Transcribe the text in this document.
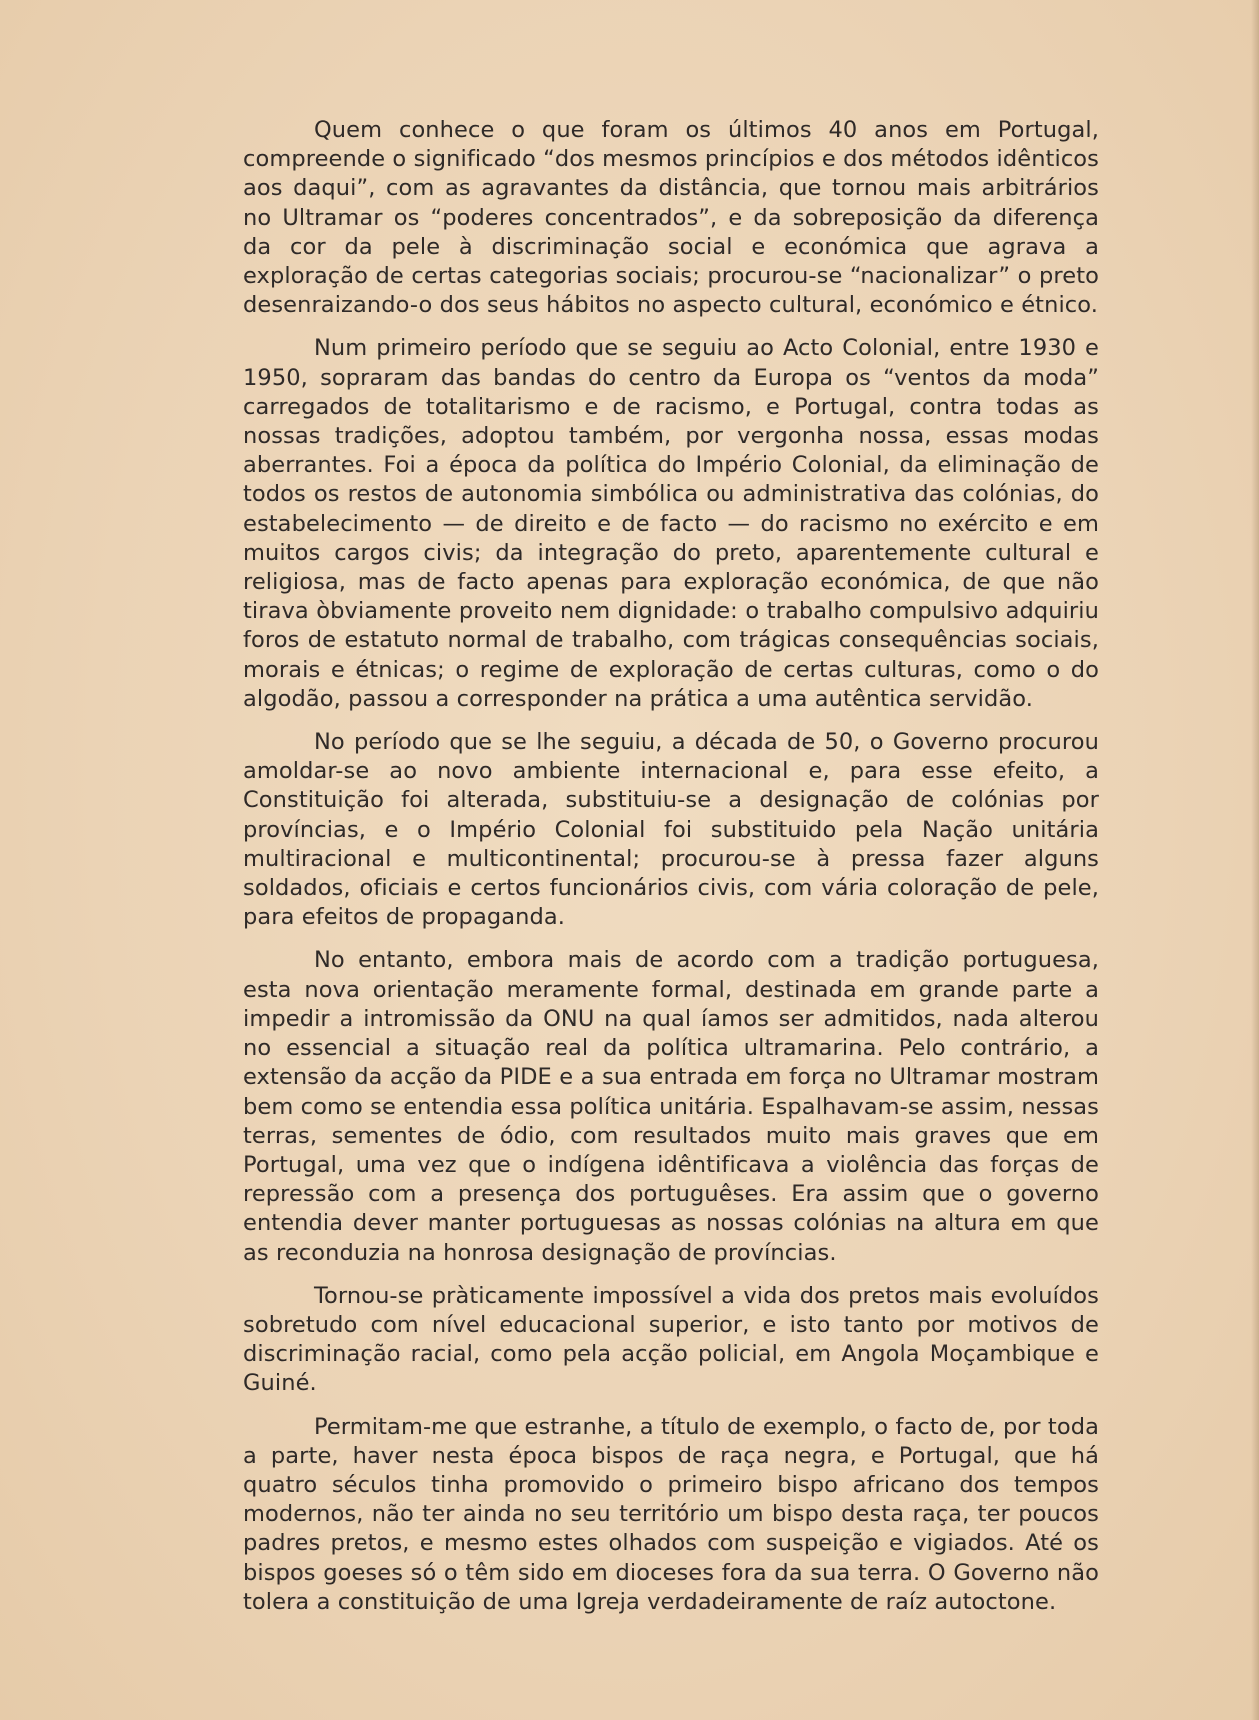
Quem conhece o que foram os últimos 40 anos em Portugal, compreende o significado “dos mesmos princípios e dos métodos idênticos aos daqui”, com as agravantes da distância, que tornou mais arbitrários no Ultramar os “poderes concentrados”, e da sobreposição da diferença da cor da pele à discriminação social e económica que agrava a exploração de certas categorias sociais; procurou-se “nacionalizar” o preto desenraizando-o dos seus hábitos no aspecto cultural, económico e étnico.

Num primeiro período que se seguiu ao Acto Colonial, entre 1930 e 1950, sopraram das bandas do centro da Europa os “ventos da moda” carregados de totalitarismo e de racismo, e Portugal, contra todas as nossas tradições, adoptou também, por vergonha nossa, essas modas aberrantes. Foi a época da política do Império Colonial, da eliminação de todos os restos de autonomia simbólica ou administrativa das colónias, do estabelecimento — de direito e de facto — do racismo no exército e em muitos cargos civis; da integração do preto, aparentemente cultural e religiosa, mas de facto apenas para exploração económica, de que não tirava òbviamente proveito nem dignidade: o trabalho compulsivo adquiriu foros de estatuto normal de trabalho, com trágicas consequências sociais, morais e étnicas; o regime de exploração de certas culturas, como o do algodão, passou a corresponder na prática a uma autêntica servidão.

No período que se lhe seguiu, a década de 50, o Governo procurou amoldar-se ao novo ambiente internacional e, para esse efeito, a Constituição foi alterada, substituiu-se a designação de colónias por províncias, e o Império Colonial foi substituido pela Nação unitária multiracional e multicontinental; procurou-se à pressa fazer alguns soldados, oficiais e certos funcionários civis, com vária coloração de pele, para efeitos de propaganda.

No entanto, embora mais de acordo com a tradição portuguesa, esta nova orientação meramente formal, destinada em grande parte a impedir a intromissão da ONU na qual íamos ser admitidos, nada alterou no essencial a situação real da política ultramarina. Pelo contrário, a extensão da acção da PIDE e a sua entrada em força no Ultramar mostram bem como se entendia essa política unitária. Espalhavam-se assim, nessas terras, sementes de ódio, com resultados muito mais graves que em Portugal, uma vez que o indígena idêntificava a violência das forças de repressão com a presença dos portuguêses. Era assim que o governo entendia dever manter portuguesas as nossas colónias na altura em que as reconduzia na honrosa designação de províncias.

Tornou-se pràticamente impossível a vida dos pretos mais evoluídos sobretudo com nível educacional superior, e isto tanto por motivos de discriminação racial, como pela acção policial, em Angola Moçambique e Guiné.

Permitam-me que estranhe, a título de exemplo, o facto de, por toda a parte, haver nesta época bispos de raça negra, e Portugal, que há quatro séculos tinha promovido o primeiro bispo africano dos tempos modernos, não ter ainda no seu território um bispo desta raça, ter poucos padres pretos, e mesmo estes olhados com suspeição e vigiados. Até os bispos goeses só o têm sido em dioceses fora da sua terra. O Governo não tolera a constituição de uma Igreja verdadeiramente de raíz autoctone.
